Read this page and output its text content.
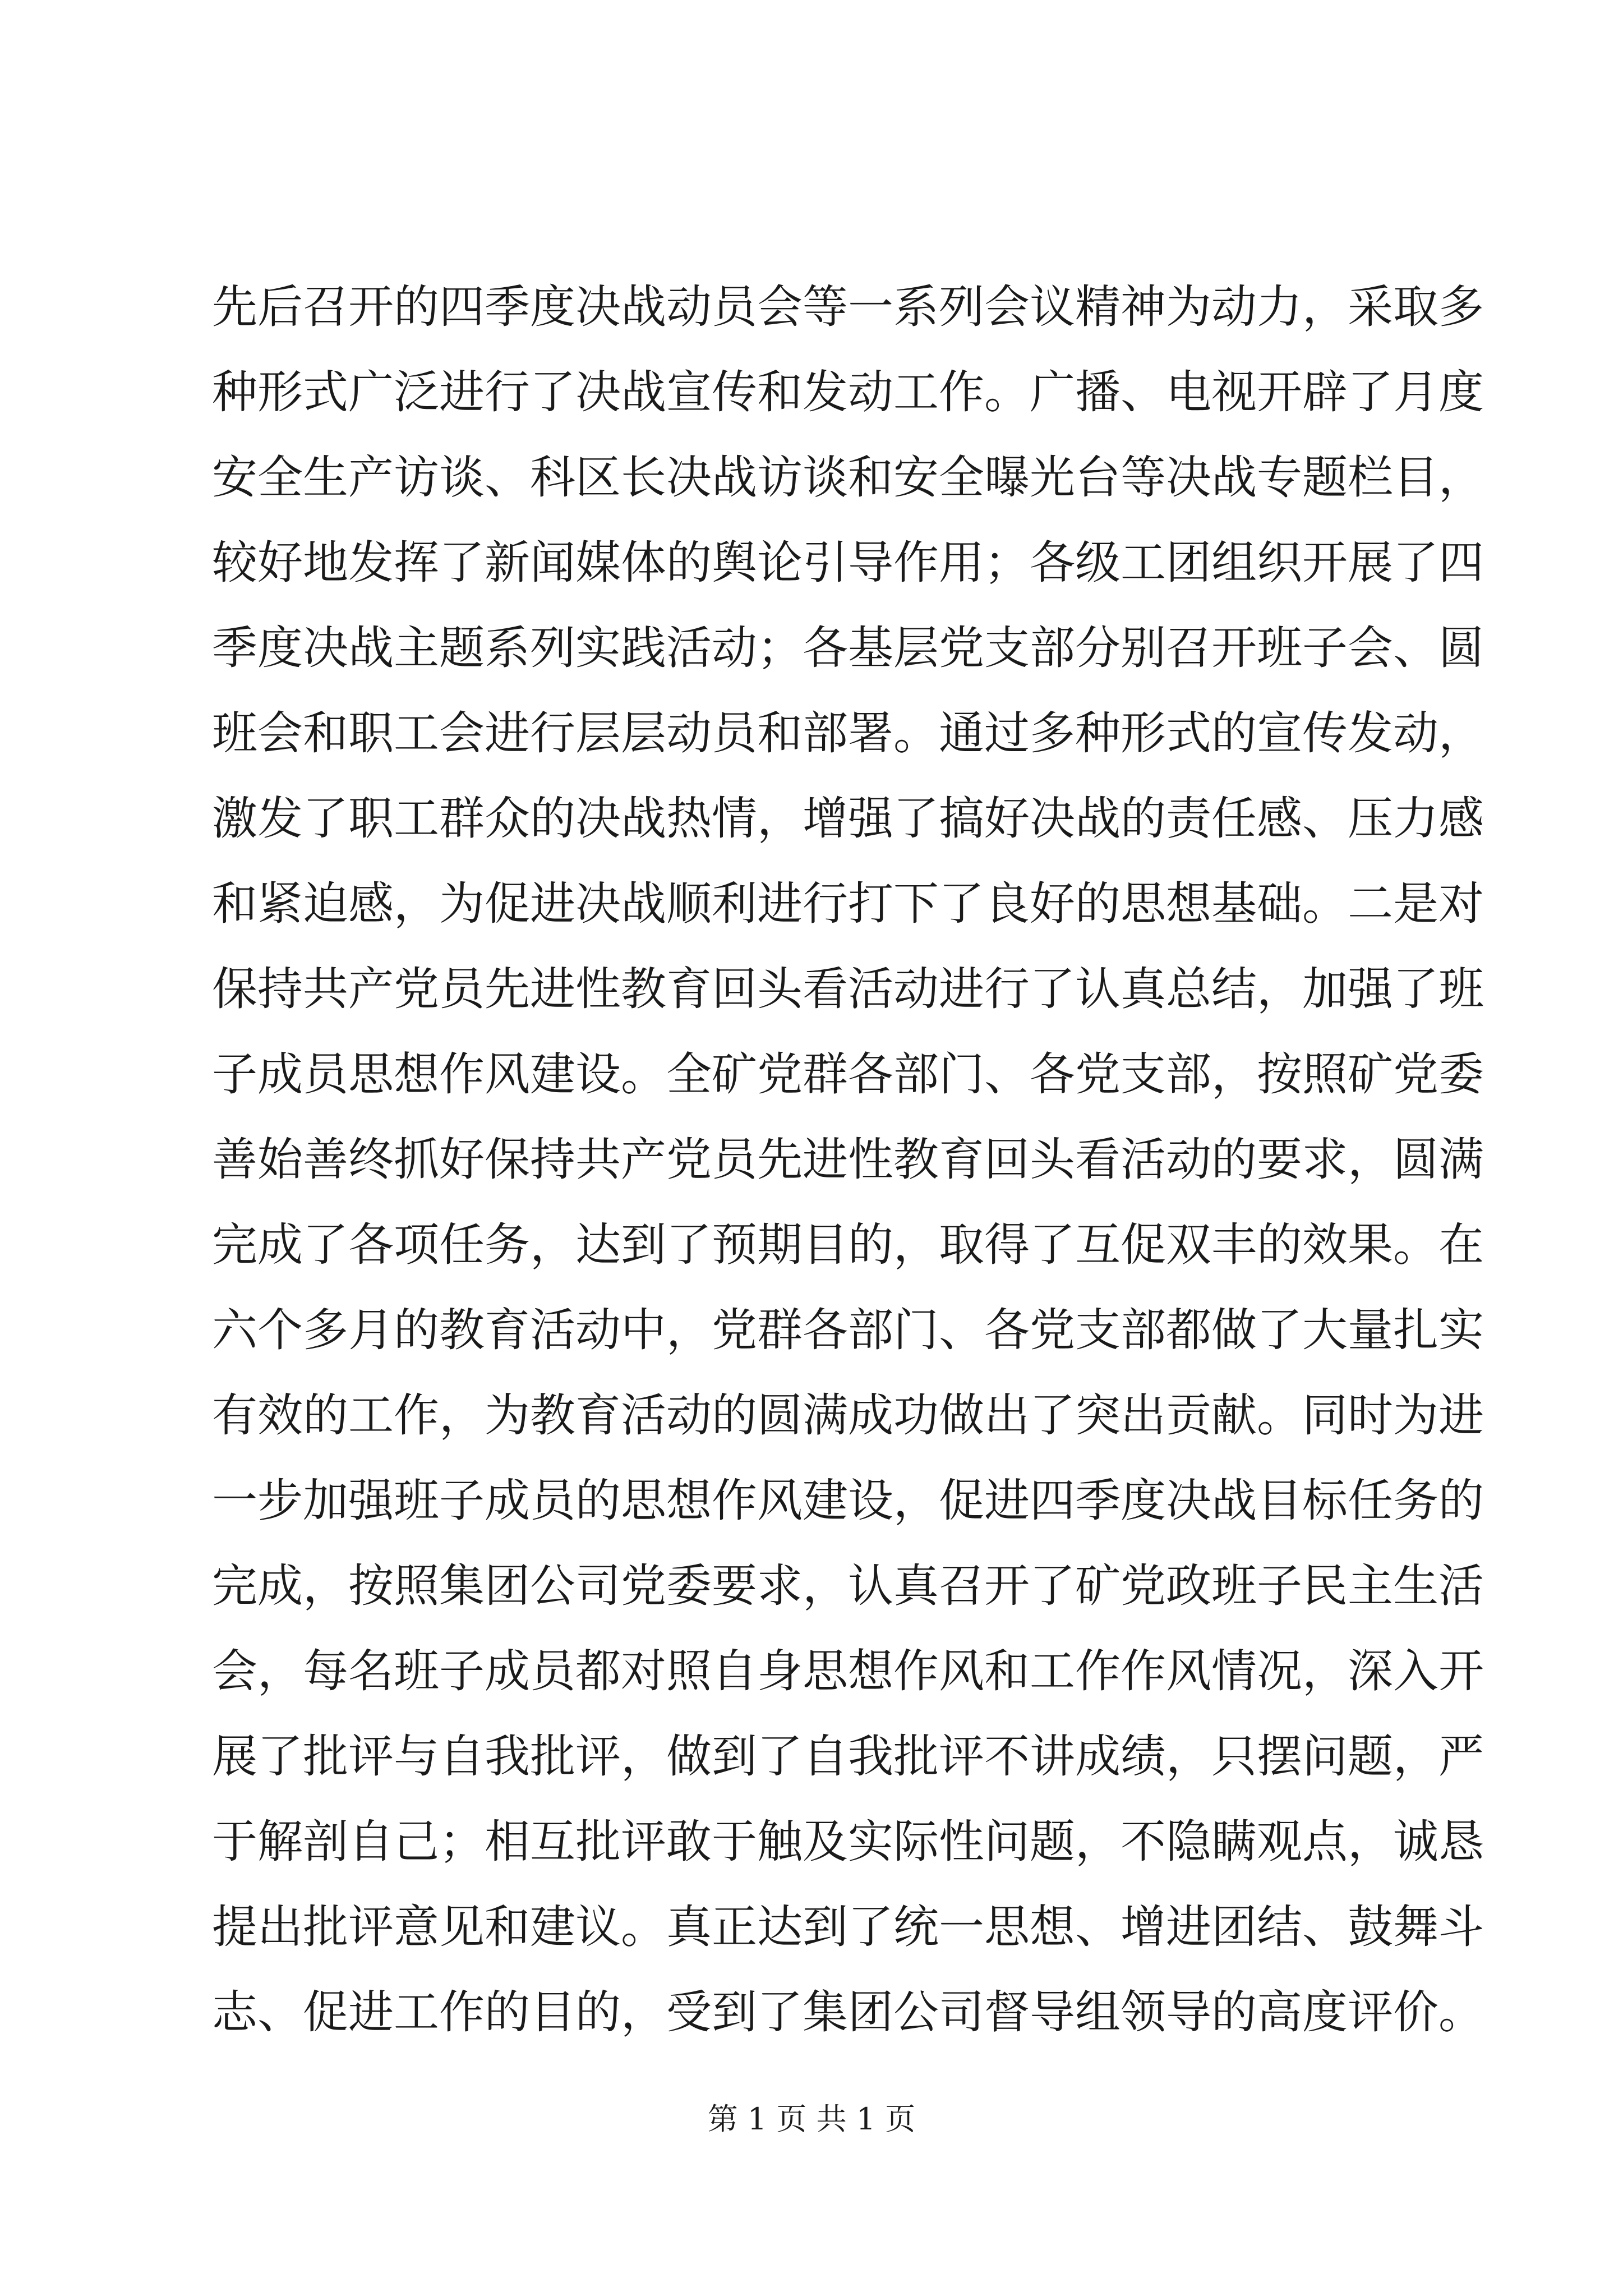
先后召开的四季度决战动员会等一系列会议精神为动力，采取多
种形式广泛进行了决战宣传和发动工作。广播、电视开辟了月度
安全生产访谈、科区长决战访谈和安全曝光台等决战专题栏目，
较好地发挥了新闻媒体的舆论引导作用；各级工团组织开展了四
季度决战主题系列实践活动；各基层党支部分别召开班子会、圆
班会和职工会进行层层动员和部署。通过多种形式的宣传发动，
激发了职工群众的决战热情，增强了搞好决战的责任感、压力感
和紧迫感，为促进决战顺利进行打下了良好的思想基础。二是对
保持共产党员先进性教育回头看活动进行了认真总结，加强了班
子成员思想作风建设。全矿党群各部门、各党支部，按照矿党委
善始善终抓好保持共产党员先进性教育回头看活动的要求，圆满
完成了各项任务，达到了预期目的，取得了互促双丰的效果。在
六个多月的教育活动中，党群各部门、各党支部都做了大量扎实
有效的工作，为教育活动的圆满成功做出了突出贡献。同时为进
一步加强班子成员的思想作风建设，促进四季度决战目标任务的
完成，按照集团公司党委要求，认真召开了矿党政班子民主生活
会，每名班子成员都对照自身思想作风和工作作风情况，深入开
展了批评与自我批评，做到了自我批评不讲成绩，只摆问题，严
于解剖自己；相互批评敢于触及实际性问题，不隐瞒观点，诚恳
提出批评意见和建议。真正达到了统一思想、增进团结、鼓舞斗
志、促进工作的目的，受到了集团公司督导组领导的高度评价。
第 1 页 共 1 页
